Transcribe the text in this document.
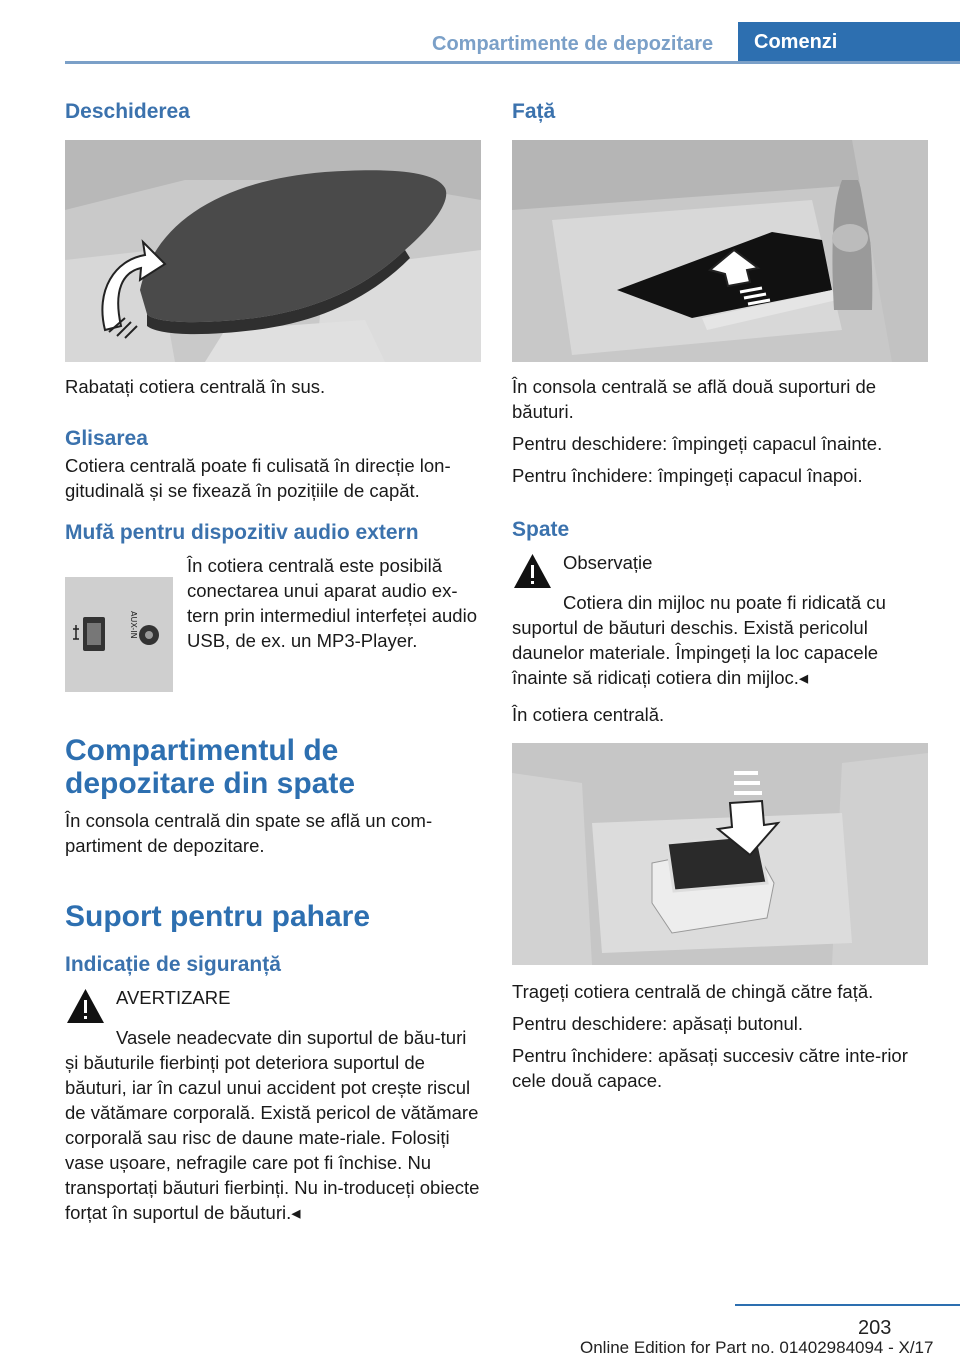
Compartimente de depozitare	Comenzi
Deschiderea

Rabatați cotiera centrală în sus.

Glisarea

Cotiera centrală poate fi culisată în direcție lon-gitudinală și se fixează în pozițiile de capăt.

Mufă pentru dispozitiv audio extern
AUX-IN

În cotiera centrală este posibilă conectarea unui aparat audio ex-tern prin intermediul interfeței audio USB, de ex. un MP3-Player.

Compartimentul de depozitare din spate

În consola centrală din spate se află un com-partiment de depozitare.

Suport pentru pahare
Indicație de siguranță

AVERTIZARE

Vasele neadecvate din suportul de bău-turi și băuturile fierbinți pot deteriora suportul de băuturi, iar în cazul unui accident pot crește riscul de vătămare corporală. Există pericol de vătămare corporală sau risc de daune mate-riale. Folosiți vase ușoare, nefragile care pot fi închise. Nu transportați băuturi fierbinți. Nu in-troduceți obiecte forțat în suportul de băuturi.◂

Față

În consola centrală se află două suporturi de băuturi.

Pentru deschidere: împingeți capacul înainte.

Pentru închidere: împingeți capacul înapoi.

Spate

Observație

Cotiera din mijloc nu poate fi ridicată cu suportul de băuturi deschis. Există pericolul daunelor materiale. Împingeți la loc capacele înainte să ridicați cotiera din mijloc.◂

În cotiera centrală.

Trageți cotiera centrală de chingă către față.

Pentru deschidere: apăsați butonul.

Pentru închidere: apăsați succesiv către inte-rior cele două capace.

203
Online Edition for Part no. 01402984094 - X/17
